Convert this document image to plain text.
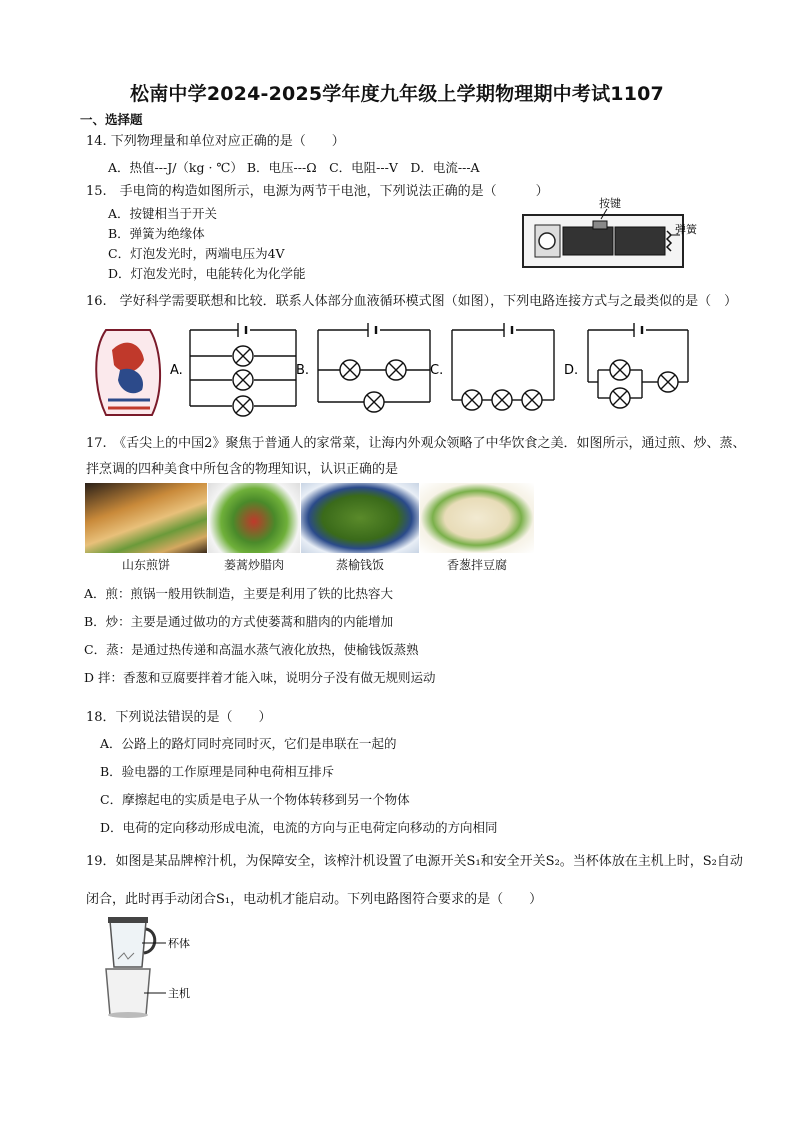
松南中学2024-2025学年度九年级上学期物理期中考试1107
一、选择题
14. 下列物理量和单位对应正确的是（　　）
A．热值---J/（kg · ℃） B．电压---Ω　C．电阻---V　D．电流---A
15.　手电筒的构造如图所示，电源为两节干电池，下列说法正确的是（　　　）
A．按键相当于开关
B．弹簧为绝缘体
C．灯泡发光时，两端电压为4V
D．灯泡发光时，电能转化为化学能
按键
弹簧
16.　学好科学需要联想和比较．联系人体部分血液循环模式图（如图），下列电路连接方式与之最类似的是（　）
A.	B.	C.	D.
17.　《舌尖上的中国2》聚焦于普通人的家常菜，让海内外观众领略了中华饮食之美．如图所示，通过煎、炒、蒸、
拌烹调的四种美食中所包含的物理知识，认识正确的是
山东煎饼	蒌蒿炒腊肉	蒸榆钱饭	香葱拌豆腐
A．煎：煎锅一般用铁制造，主要是利用了铁的比热容大
B．炒：主要是通过做功的方式使蒌蒿和腊肉的内能增加
C．蒸：是通过热传递和高温水蒸气液化放热，使榆钱饭蒸熟
D 拌：香葱和豆腐要拌着才能入味，说明分子没有做无规则运动
18．下列说法错误的是（　　）
A．公路上的路灯同时亮同时灭，它们是串联在一起的
B．验电器的工作原理是同种电荷相互排斥
C．摩擦起电的实质是电子从一个物体转移到另一个物体
D．电荷的定向移动形成电流，电流的方向与正电荷定向移动的方向相同
19．如图是某品牌榨汁机，为保障安全，该榨汁机设置了电源开关S₁和安全开关S₂。当杯体放在主机上时，S₂自动
闭合，此时再手动闭合S₁，电动机才能启动。下列电路图符合要求的是（　　）
杯体
主机
